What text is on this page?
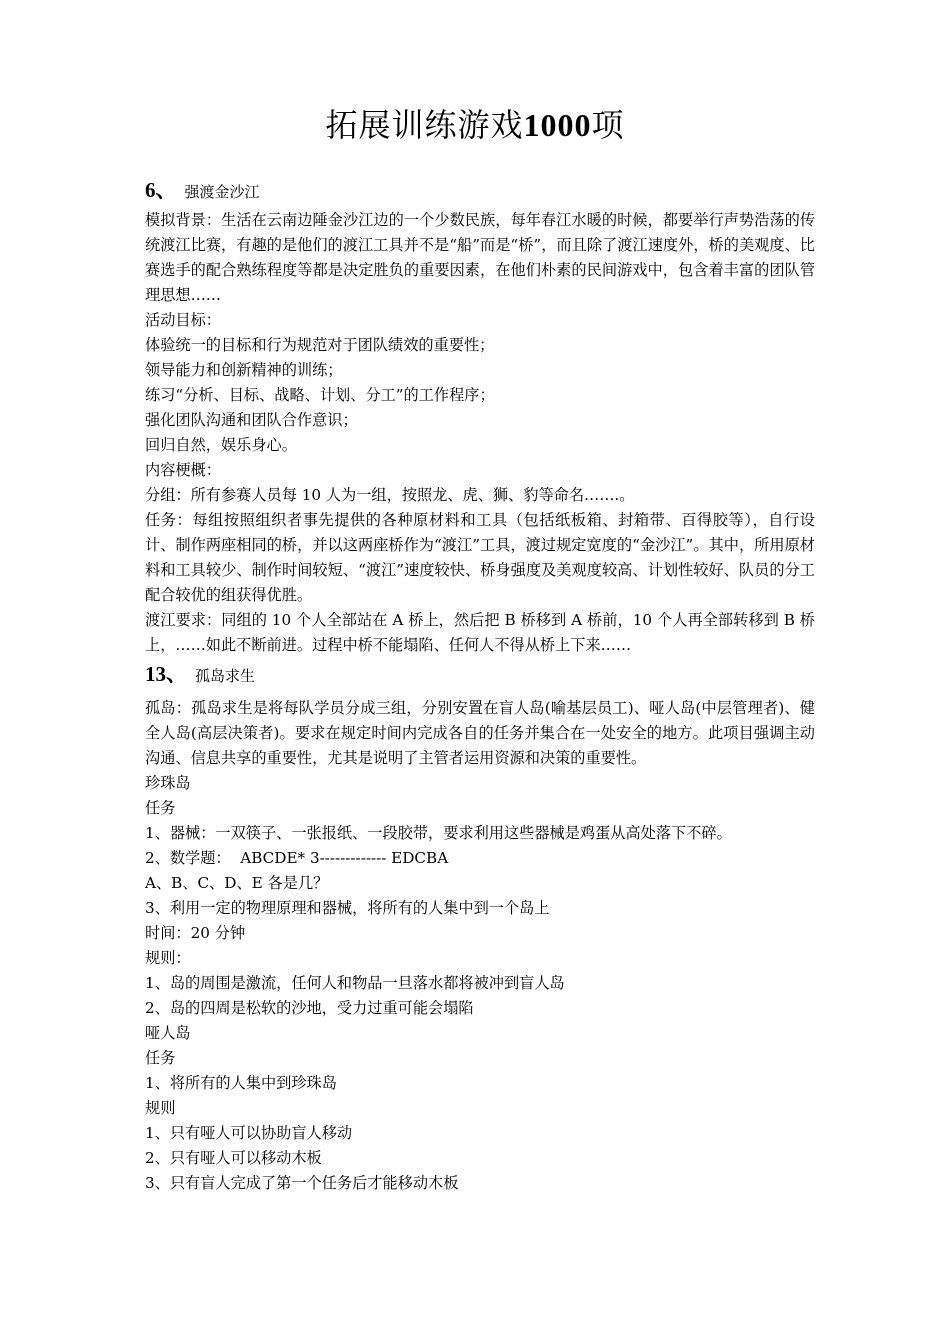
拓展训练游戏1000项
6、 强渡金沙江

模拟背景：生活在云南边陲金沙江边的一个少数民族，每年春江水暖的时候，都要举行声势浩荡的传统渡江比赛，有趣的是他们的渡江工具并不是“船”而是“桥”，而且除了渡江速度外，桥的美观度、比赛选手的配合熟练程度等都是决定胜负的重要因素，在他们朴素的民间游戏中，包含着丰富的团队管理思想……

活动目标：
体验统一的目标和行为规范对于团队绩效的重要性；
领导能力和创新精神的训练；
练习“分析、目标、战略、计划、分工”的工作程序；
强化团队沟通和团队合作意识；
回归自然，娱乐身心。
内容梗概：
分组：所有参赛人员每 10 人为一组，按照龙、虎、狮、豹等命名…….。

任务：每组按照组织者事先提供的各种原材料和工具（包括纸板箱、封箱带、百得胶等），自行设计、制作两座相同的桥，并以这两座桥作为“渡江”工具，渡过规定宽度的“金沙江”。其中，所用原材料和工具较少、制作时间较短、“渡江”速度较快、桥身强度及美观度较高、计划性较好、队员的分工配合较优的组获得优胜。

渡江要求：同组的 10 个人全部站在 A 桥上，然后把 B 桥移到 A 桥前，10 个人再全部转移到 B 桥上，……如此不断前进。过程中桥不能塌陷、任何人不得从桥上下来……

13、 孤岛求生

孤岛：孤岛求生是将每队学员分成三组，分别安置在盲人岛(喻基层员工)、哑人岛(中层管理者)、健全人岛(高层决策者)。要求在规定时间内完成各自的任务并集合在一处安全的地方。此项目强调主动沟通、信息共享的重要性，尤其是说明了主管者运用资源和决策的重要性。

珍珠岛
任务
1、器械：一双筷子、一张报纸、一段胶带，要求利用这些器械是鸡蛋从高处落下不碎。
2、数学题：  ABCDE* 3------------- EDCBA
A、B、C、D、E 各是几？
3、利用一定的物理原理和器械，将所有的人集中到一个岛上
时间：20 分钟
规则：
1、岛的周围是激流，任何人和物品一旦落水都将被冲到盲人岛
2、岛的四周是松软的沙地，受力过重可能会塌陷
哑人岛
任务
1、将所有的人集中到珍珠岛
规则
1、只有哑人可以协助盲人移动
2、只有哑人可以移动木板
3、只有盲人完成了第一个任务后才能移动木板
